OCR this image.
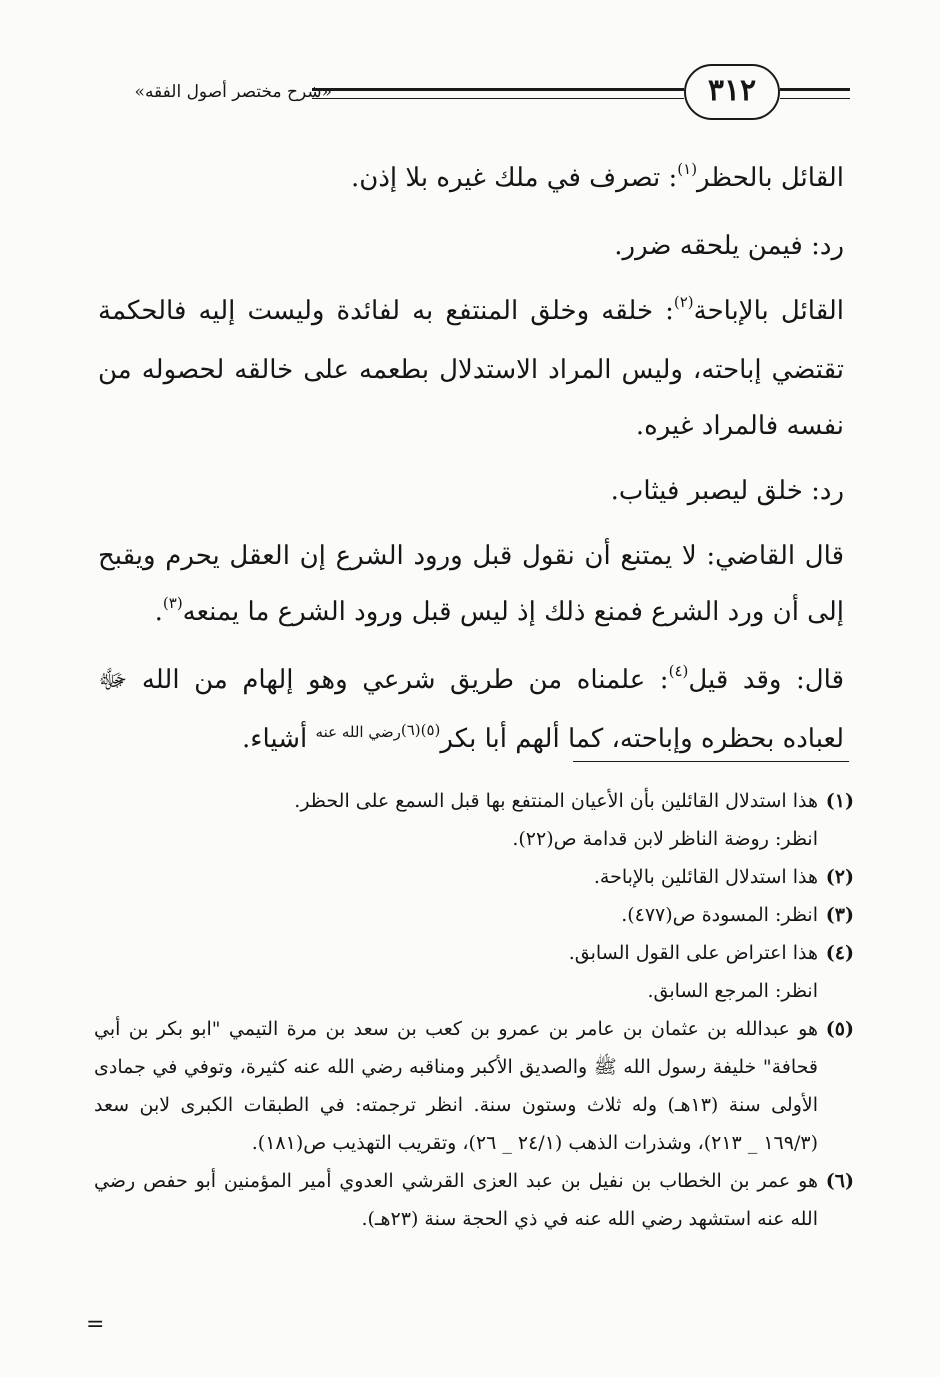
٣١٢
«شرح مختصر أصول الفقه»

القائل بالحظر$^{(١)}$: تصرف في ملك غيره بلا إذن.

رد: فيمن يلحقه ضرر.

القائل بالإباحة$^{(٢)}$: خلقه وخلق المنتفع به لفائدة وليست إليه فالحكمة تقتضي إباحته، وليس المراد الاستدلال بطعمه على خالقه لحصوله من نفسه فالمراد غيره.

رد: خلق ليصبر فيثاب.

قال القاضي: لا يمتنع أن نقول قبل ورود الشرع إن العقل يحرم ويقبح إلى أن ورد الشرع فمنع ذلك إذ ليس قبل ورود الشرع ما يمنعه$^{(٣)}$.

قال: وقد قيل$^{(٤)}$: علمناه من طريق شرعي وهو إلهام من الله ﷻ لعباده بحظره وإباحته، كما ألهم أبا بكر$^{(٥)(٦)رضي الله عنه}$ أشياء.

(١)
هذا استدلال القائلين بأن الأعيان المنتفع بها قبل السمع على الحظر.
انظر: روضة الناظر لابن قدامة ص(٢٢).
(٢)
هذا استدلال القائلين بالإباحة.
(٣)
انظر: المسودة ص(٤٧٧).
(٤)
هذا اعتراض على القول السابق.
انظر: المرجع السابق.
(٥)
هو عبدالله بن عثمان بن عامر بن عمرو بن كعب بن سعد بن مرة التيمي "ابو بكر بن أبي قحافة" خليفة رسول الله ﷺ والصديق الأكبر ومناقبه رضي الله عنه كثيرة، وتوفي في جمادى الأولى سنة (١٣هـ) وله ثلاث وستون سنة. انظر ترجمته: في الطبقات الكبرى لابن سعد (١٦٩/٣ _ ٢١٣)، وشذرات الذهب (٢٤/١ _ ٢٦)، وتقريب التهذيب ص(١٨١).
(٦)
هو عمر بن الخطاب بن نفيل بن عبد العزى القرشي العدوي أمير المؤمنين أبو حفص رضي الله عنه استشهد رضي الله عنه في ذي الحجة سنة (٢٣هـ).
=
